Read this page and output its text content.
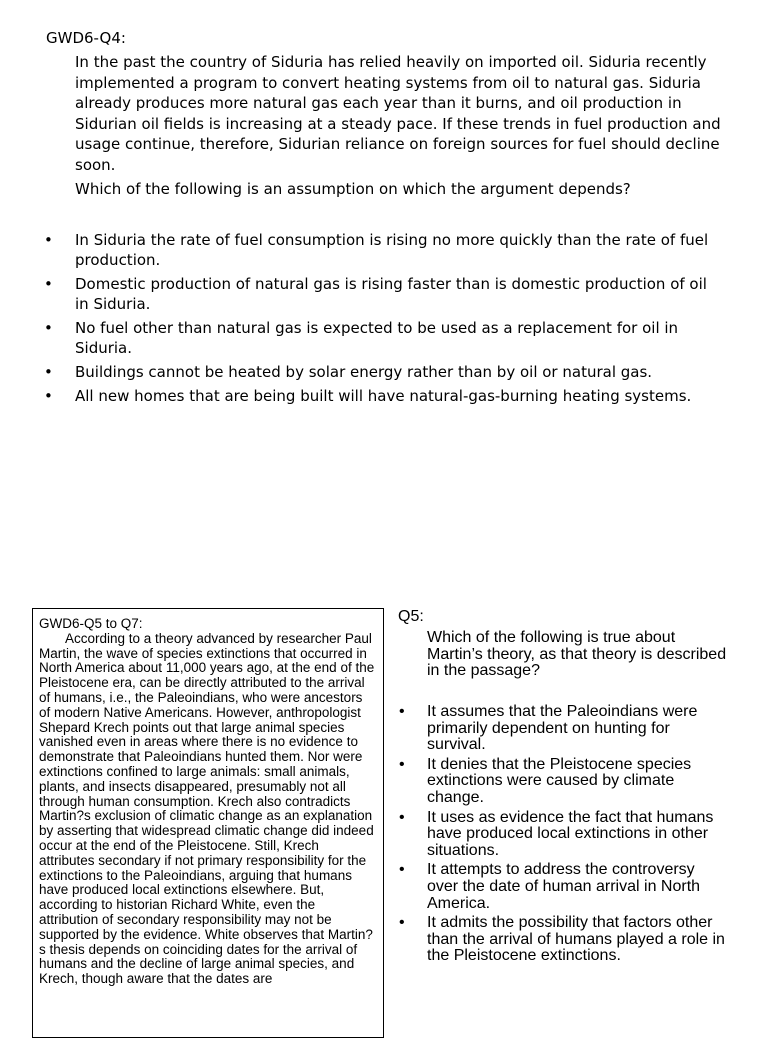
GWD6-Q4:

In the past the country of Siduria has relied heavily on imported oil. Siduria recently implemented a program to convert heating systems from oil to natural gas. Siduria already produces more natural gas each year than it burns, and oil production in Sidurian oil fields is increasing at a steady pace. If these trends in fuel production and usage continue, therefore, Sidurian reliance on foreign sources for fuel should decline soon.

Which of the following is an assumption on which the argument depends?

• In Siduria the rate of fuel consumption is rising no more quickly than the rate of fuel production.
• Domestic production of natural gas is rising faster than is domestic production of oil in Siduria.
• No fuel other than natural gas is expected to be used as a replacement for oil in Siduria.
• Buildings cannot be heated by solar energy rather than by oil or natural gas.
• All new homes that are being built will have natural-gas-burning heating systems.

GWD6-Q5 to Q7:

According to a theory advanced by researcher Paul Martin, the wave of species extinctions that occurred in North America about 11,000 years ago, at the end of the Pleistocene era, can be directly attributed to the arrival of humans, i.e., the Paleoindians, who were ancestors of modern Native Americans. However, anthropologist Shepard Krech points out that large animal species vanished even in areas where there is no evidence to demonstrate that Paleoindians hunted them. Nor were extinctions confined to large animals: small animals, plants, and insects disappeared, presumably not all through human consumption. Krech also contradicts Martin?s exclusion of climatic change as an explanation by asserting that widespread climatic change did indeed occur at the end of the Pleistocene. Still, Krech attributes secondary if not primary responsibility for the extinctions to the Paleoindians, arguing that humans have produced local extinctions elsewhere. But, according to historian Richard White, even the attribution of secondary responsibility may not be supported by the evidence. White observes that Martin?s thesis depends on coinciding dates for the arrival of humans and the decline of large animal species, and Krech, though aware that the dates are

Q5:
Which of the following is true about Martin’s theory, as that theory is described in the passage?
• It assumes that the Paleoindians were primarily dependent on hunting for survival.
• It denies that the Pleistocene species extinctions were caused by climate change.
• It uses as evidence the fact that humans have produced local extinctions in other situations.
• It attempts to address the controversy over the date of human arrival in North America.
• It admits the possibility that factors other than the arrival of humans played a role in the Pleistocene extinctions.
